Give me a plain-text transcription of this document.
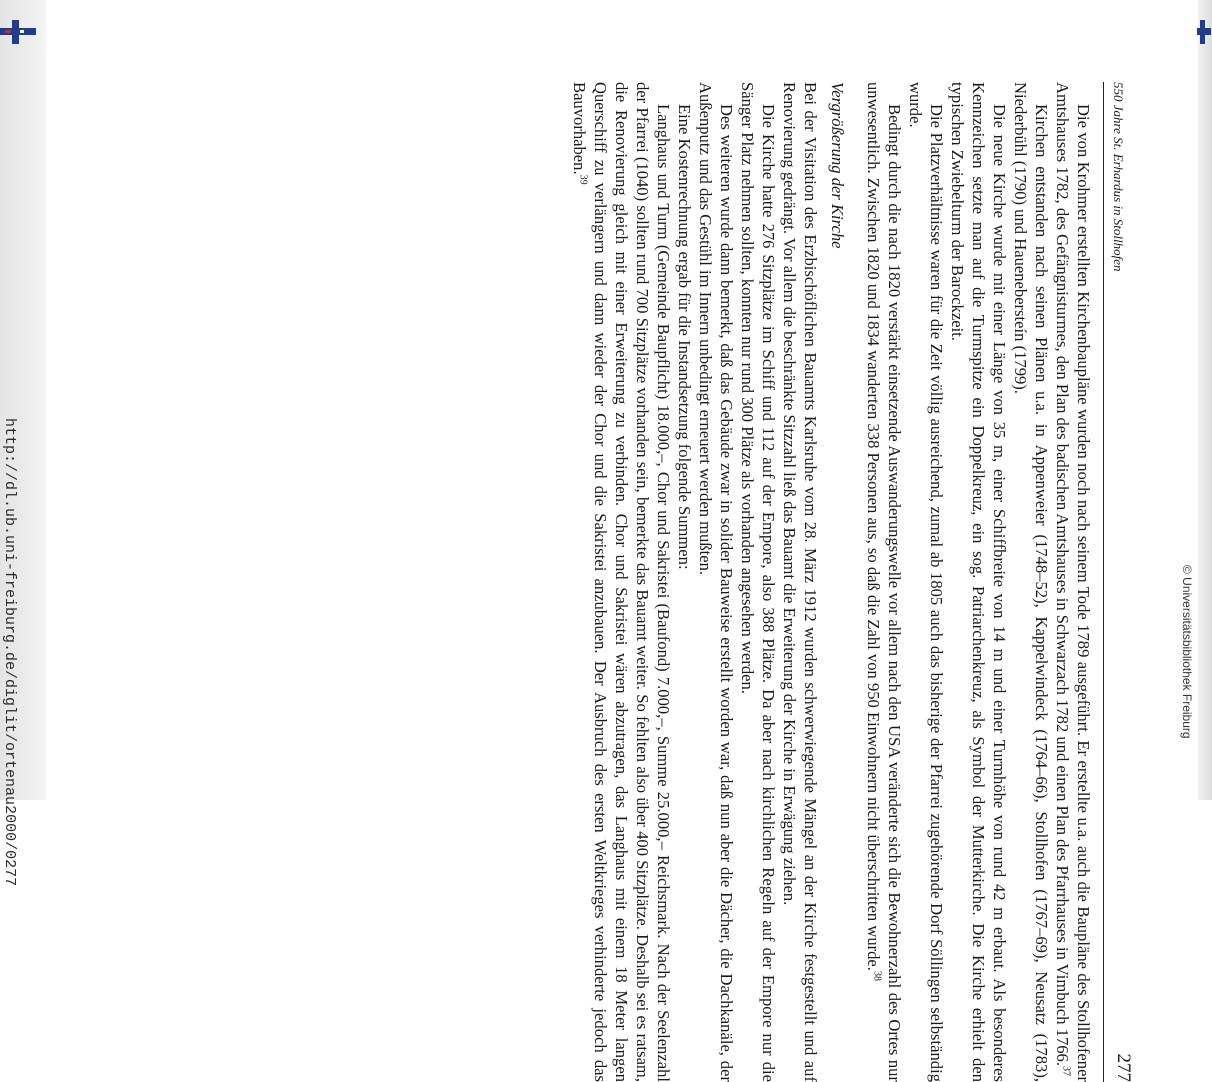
http://dl.ub.uni-freiburg.de/diglit/ortenau2000/0277	© Universitätsbibliothek Freiburg
550 Jahre St. Erhardus in Stollhofen
277

Die von Krohmer erstellten Kirchenbaupläne wurden noch nach seinem Tode 1789 ausgeführt. Er erstellte u.a. auch die Baupläne des Stollhofener Amtshauses 1782, des Gefängnisturmes, den Plan des badischen Amtshauses in Schwarzach 1782 und einen Plan des Pfarrhauses in Vimbuch 1766.37

Kirchen entstanden nach seinen Plänen u.a. in Appenweier (1748–52), Kappelwindeck (1764–66), Stollhofen (1767–69), Neusatz (1783), Niederbühl (1790) und Hauenebersteín (1799).

Die neue Kirche wurde mit einer Länge von 35 m, einer Schiffbreite von 14 m und einer Turmhöhe von rund 42 m erbaut. Als besonderes Kennzeichen setzte man auf die Turmspitze ein Doppelkreuz, ein sog. Patriarchenkreuz, als Symbol der Mutterkirche. Die Kirche erhielt den typischen Zwiebelturm der Barockzeit.

Die Platzverhältnisse waren für die Zeit völlig ausreichend, zumal ab 1805 auch das bisherige der Pfarrei zugehörende Dorf Söllingen selbständig wurde.

Bedingt durch die nach 1820 verstärkt einsetzende Auswanderungswelle vor allem nach den USA veränderte sich die Bewohnerzahl des Ortes nur unwesentlich. Zwischen 1820 und 1834 wanderten 338 Personen aus, so daß die Zahl von 950 Einwohnern nicht überschritten wurde.$^{38}$

Vergrößerung der Kirche

Bei der Visitation des Erzbischöflichen Bauamts Karlsruhe vom 28. März 1912 wurden schwerwiegende Mängel an der Kirche festgestellt und auf Renovierung gedrängt. Vor allem die beschränkte Sitzzahl ließ das Bauamt die Erweiterung der Kirche in Erwägung ziehen.

Die Kirche hatte 276 Sitzplätze im Schiff und 112 auf der Empore, also 388 Plätze. Da aber nach kirchlichen Regeln auf der Empore nur die Sänger Platz nehmen sollten, konnten nur rund 300 Plätze als vorhanden angesehen werden.

Des weiteren wurde dann bemerkt, daß das Gebäude zwar in solider Bauweise erstellt worden war, daß nun aber die Dächer, die Dachkanäle, der Außenputz und das Gestühl im Innern unbedingt erneuert werden mußten.

Eine Kostenrechnung ergab für die Instandsetzung folgende Summen:

Langhaus und Turm (Gemeinde Baupflicht) 18.000,–, Chor und Sakristei (Baufond) 7.000,–, Summe 25.000,– Reichsmark. Nach der Seelenzahl der Pfarrei (1040) sollten rund 700 Sitzplätze vorhanden sein, bemerkte das Bauamt weiter. So fehlten also über 400 Sitzplätze. Deshalb sei es ratsam, die Renovierung gleich mit einer Erweiterung zu verbinden. Chor und Sakristei wären abzutragen, das Langhaus mit einem 18 Meter langen Querschiff zu verlängern und dann wieder der Chor und die Sakristei anzubauen. Der Ausbruch des ersten Weltkrieges verhinderte jedoch das Bauvorhaben.$^{39}$
